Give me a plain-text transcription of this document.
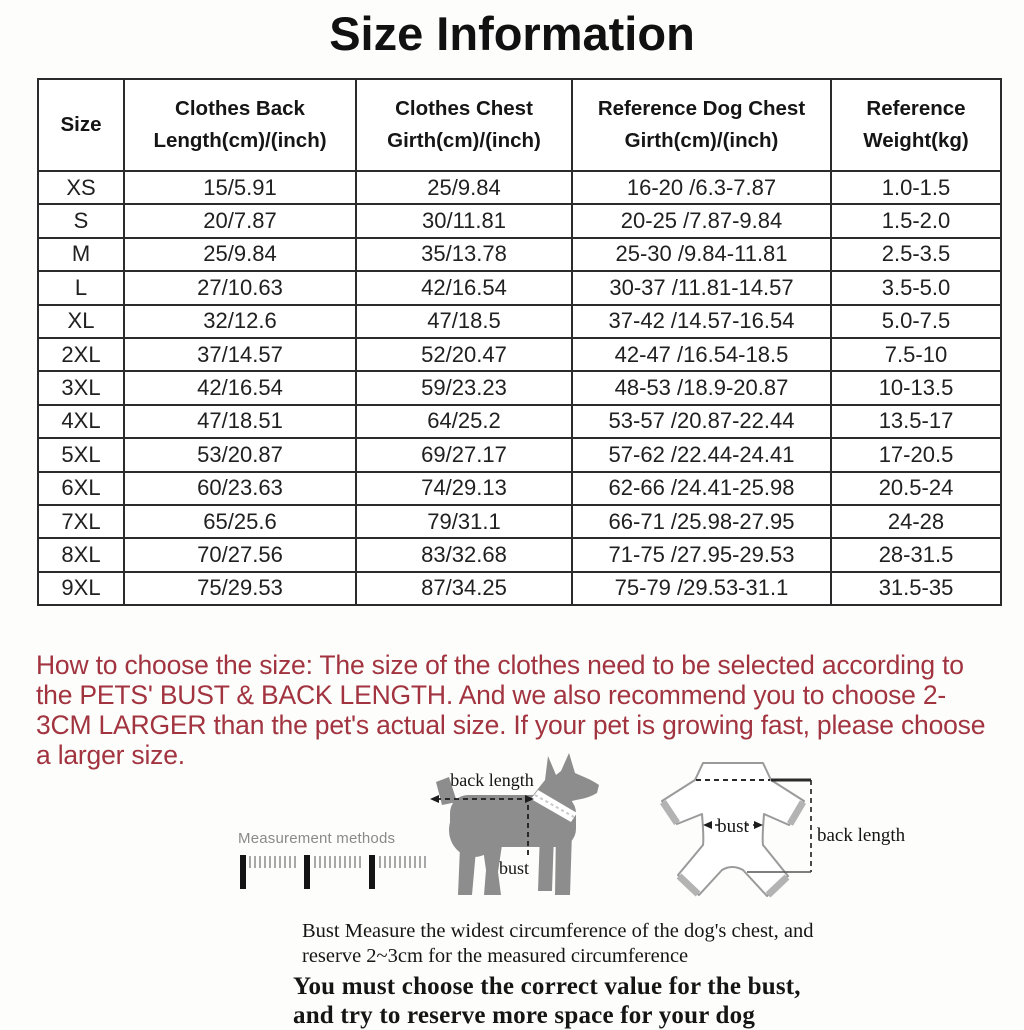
Size Information
Size	Clothes Back Length(cm)/(inch)	Clothes Chest Girth(cm)/(inch)	Reference Dog Chest Girth(cm)/(inch)	Reference Weight(kg)
XS	15/5.91	25/9.84	16-20 /6.3-7.87	1.0-1.5
S	20/7.87	30/11.81	20-25 /7.87-9.84	1.5-2.0
M	25/9.84	35/13.78	25-30 /9.84-11.81	2.5-3.5
L	27/10.63	42/16.54	30-37 /11.81-14.57	3.5-5.0
XL	32/12.6	47/18.5	37-42 /14.57-16.54	5.0-7.5
2XL	37/14.57	52/20.47	42-47 /16.54-18.5	7.5-10
3XL	42/16.54	59/23.23	48-53 /18.9-20.87	10-13.5
4XL	47/18.51	64/25.2	53-57 /20.87-22.44	13.5-17
5XL	53/20.87	69/27.17	57-62 /22.44-24.41	17-20.5
6XL	60/23.63	74/29.13	62-66 /24.41-25.98	20.5-24
7XL	65/25.6	79/31.1	66-71 /25.98-27.95	24-28
8XL	70/27.56	83/32.68	71-75 /27.95-29.53	28-31.5
9XL	75/29.53	87/34.25	75-79 /29.53-31.1	31.5-35
How to choose the size: The size of the clothes need to be selected according to the PETS' BUST & BACK LENGTH. And we also recommend you to choose 2-3CM LARGER than the pet's actual size. If your pet is growing fast, please choose a larger size.
Measurement methods
back length
bust
bust	back length
Bust Measure the widest circumference of the dog's chest, and
reserve 2~3cm for the measured circumference
You must choose the correct value for the bust,
and try to reserve more space for your dog
